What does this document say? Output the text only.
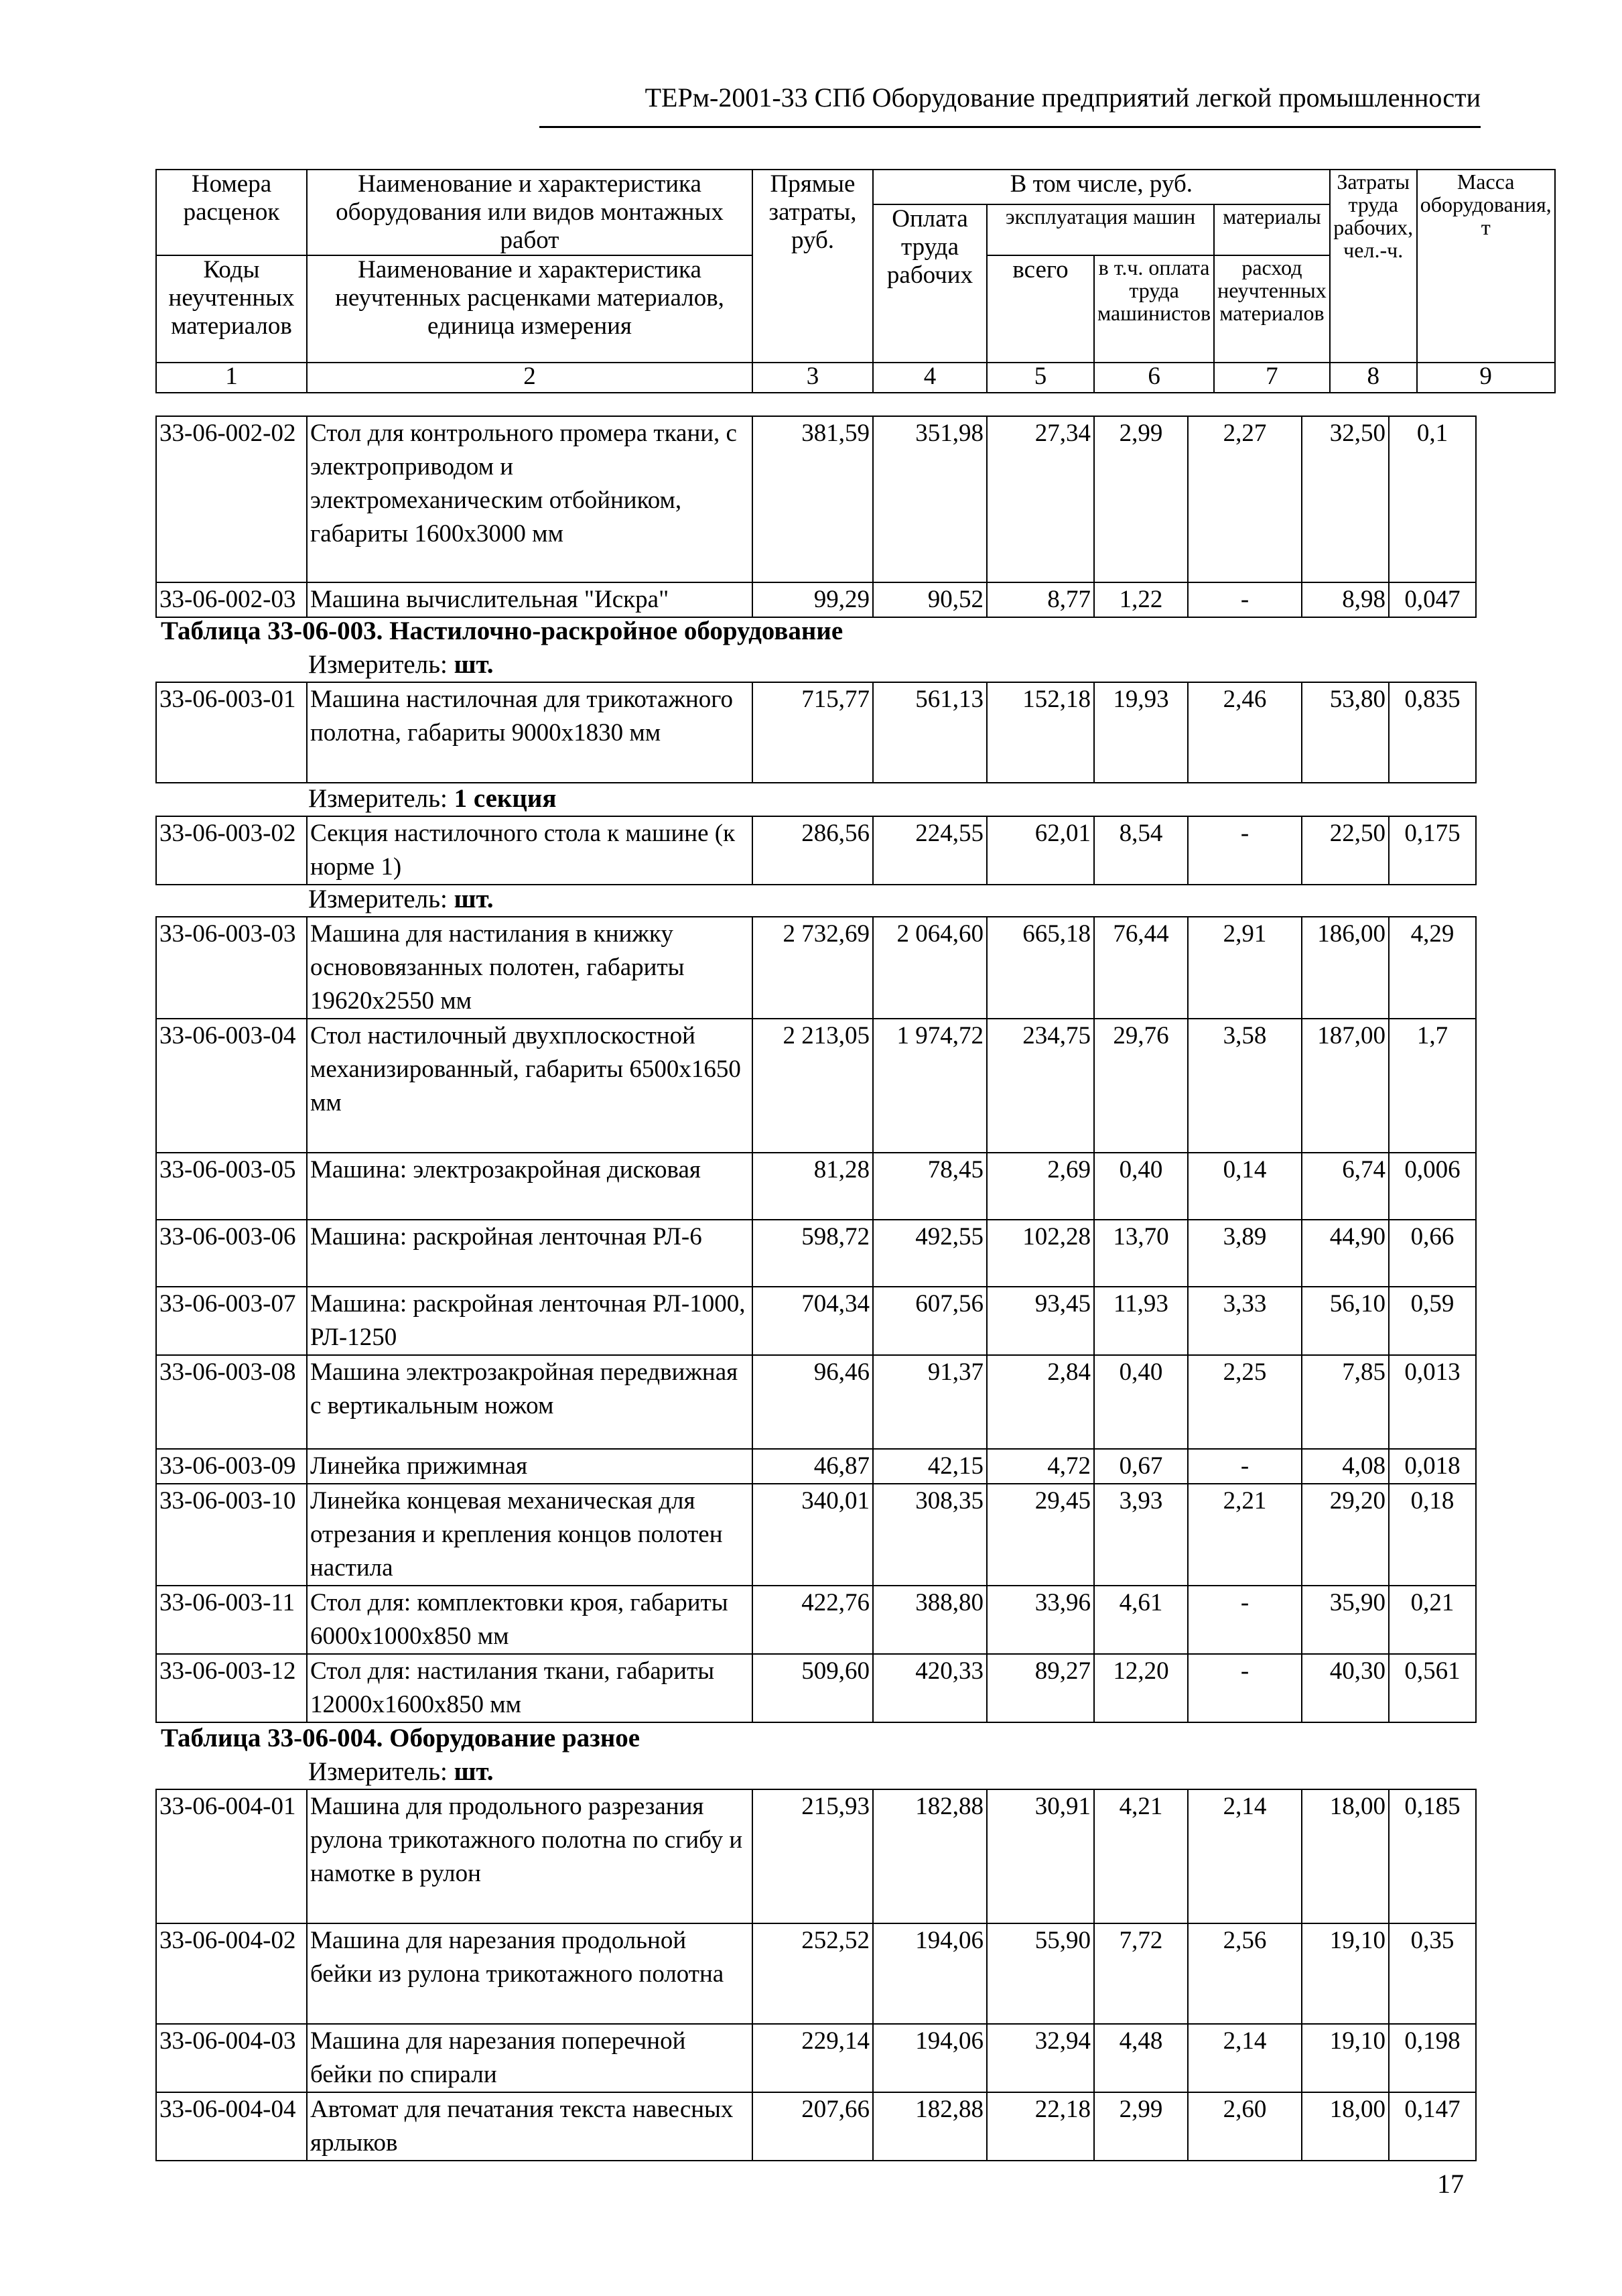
ТЕРм-2001-33 СПб Оборудование предприятий легкой промышленности
Номера расценок	Наименование и характеристика оборудования или видов монтажных работ	Прямые затраты, руб.	В том числе, руб.				Затраты труда рабочих, чел.-ч.	Масса оборудования, т
			Оплата труда рабочих	эксплуатация машин		материалы		
Коды неучтенных материалов	Наименование и характеристика неучтенных расценками материалов, единица измерения			всего	в т.ч. оплата труда машинистов	расход неучтенных материалов		

1	2	3	4	5	6	7	8	9
33-06-002-02	Стол для контрольного промера ткани, с электроприводом и электромеханическим отбойником, габариты 1600х3000 мм	381,59	351,98	27,34	2,99	2,27	32,50	0,1
33-06-002-03	Машина вычислительная "Искра"	99,29	90,52	8,77	1,22	-	8,98	0,047
Таблица 33-06-003. Настилочно-раскройное оборудование
Измеритель: шт.
33-06-003-01	Машина настилочная для трикотажного полотна, габариты 9000х1830 мм	715,77	561,13	152,18	19,93	2,46	53,80	0,835
Измеритель: 1 секция
33-06-003-02	Секция настилочного стола к машине (к норме 1)	286,56	224,55	62,01	8,54	-	22,50	0,175
Измеритель: шт.
33-06-003-03	Машина для настилания в книжку основовязанных полотен, габариты 19620х2550 мм	2 732,69	2 064,60	665,18	76,44	2,91	186,00	4,29
33-06-003-04	Стол настилочный двухплоскостной механизированный, габариты 6500х1650 мм	2 213,05	1 974,72	234,75	29,76	3,58	187,00	1,7
33-06-003-05	Машина: электрозакройная дисковая	81,28	78,45	2,69	0,40	0,14	6,74	0,006
33-06-003-06	Машина: раскройная ленточная РЛ-6	598,72	492,55	102,28	13,70	3,89	44,90	0,66
33-06-003-07	Машина: раскройная ленточная РЛ-1000, РЛ-1250	704,34	607,56	93,45	11,93	3,33	56,10	0,59
33-06-003-08	Машина электрозакройная передвижная с вертикальным ножом	96,46	91,37	2,84	0,40	2,25	7,85	0,013
33-06-003-09	Линейка прижимная	46,87	42,15	4,72	0,67	-	4,08	0,018
33-06-003-10	Линейка концевая механическая для отрезания и крепления концов полотен настила	340,01	308,35	29,45	3,93	2,21	29,20	0,18
33-06-003-11	Стол для: комплектовки кроя, габариты 6000х1000х850 мм	422,76	388,80	33,96	4,61	-	35,90	0,21
33-06-003-12	Стол для: настилания ткани, габариты 12000х1600х850 мм	509,60	420,33	89,27	12,20	-	40,30	0,561
Таблица 33-06-004. Оборудование разное
Измеритель: шт.
33-06-004-01	Машина для продольного разрезания рулона трикотажного полотна по сгибу и намотке в рулон	215,93	182,88	30,91	4,21	2,14	18,00	0,185
33-06-004-02	Машина для нарезания продольной бейки из рулона трикотажного полотна	252,52	194,06	55,90	7,72	2,56	19,10	0,35
33-06-004-03	Машина для нарезания поперечной бейки по спирали	229,14	194,06	32,94	4,48	2,14	19,10	0,198
33-06-004-04	Автомат для печатания текста навесных ярлыков	207,66	182,88	22,18	2,99	2,60	18,00	0,147
17
